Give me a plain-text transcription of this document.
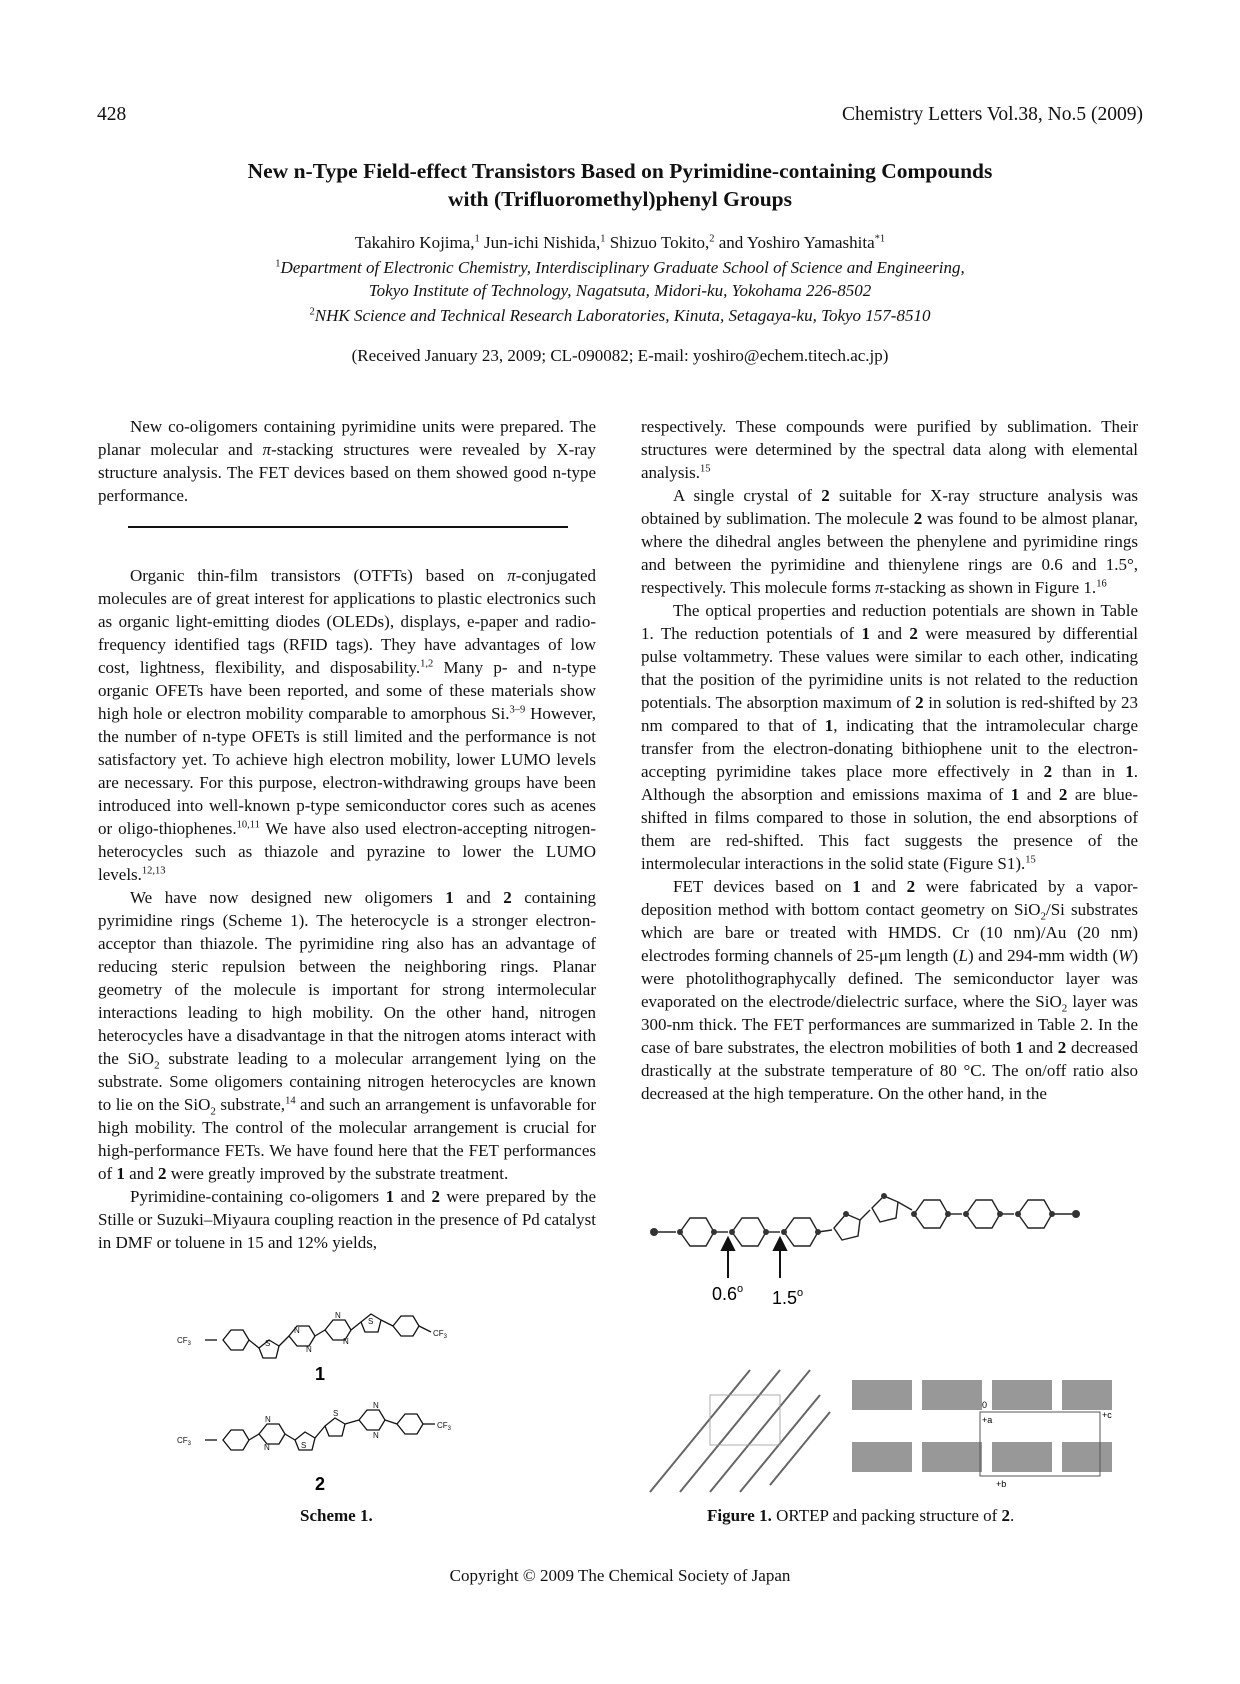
428	Chemistry Letters Vol.38, No.5 (2009)
New n-Type Field-effect Transistors Based on Pyrimidine-containing Compounds
with (Trifluoromethyl)phenyl Groups
Takahiro Kojima,$^1$ Jun-ichi Nishida,$^1$ Shizuo Tokito,$^2$ and Yoshiro Yamashita$^{*1}$
$^1$Department of Electronic Chemistry, Interdisciplinary Graduate School of Science and Engineering,
Tokyo Institute of Technology, Nagatsuta, Midori-ku, Yokohama 226-8502
$^2$NHK Science and Technical Research Laboratories, Kinuta, Setagaya-ku, Tokyo 157-8510
(Received January 23, 2009; CL-090082; E-mail: yoshiro@echem.titech.ac.jp)

New co-oligomers containing pyrimidine units were prepared. The planar molecular and π-stacking structures were revealed by X-ray structure analysis. The FET devices based on them showed good n-type performance.

Organic thin-film transistors (OTFTs) based on π-conjugated molecules are of great interest for applications to plastic electronics such as organic light-emitting diodes (OLEDs), displays, e-paper and radio-frequency identified tags (RFID tags). They have advantages of low cost, lightness, flexibility, and disposability.$^{1,2}$ Many p- and n-type organic OFETs have been reported, and some of these materials show high hole or electron mobility comparable to amorphous Si.$^{3-9}$ However, the number of n-type OFETs is still limited and the performance is not satisfactory yet. To achieve high electron mobility, lower LUMO levels are necessary. For this purpose, electron-withdrawing groups have been introduced into well-known p-type semiconductor cores such as acenes or oligo-thiophenes.$^{10,11}$ We have also used electron-accepting nitrogen-heterocycles such as thiazole and pyrazine to lower the LUMO levels.$^{12,13}$

We have now designed new oligomers 1 and 2 containing pyrimidine rings (Scheme 1). The heterocycle is a stronger electron-acceptor than thiazole. The pyrimidine ring also has an advantage of reducing steric repulsion between the neighboring rings. Planar geometry of the molecule is important for strong intermolecular interactions leading to high mobility. On the other hand, nitrogen heterocycles have a disadvantage in that the nitrogen atoms interact with the SiO$_2$ substrate leading to a molecular arrangement lying on the substrate. Some oligomers containing nitrogen heterocycles are known to lie on the SiO$_2$ substrate,$^{14}$ and such an arrangement is unfavorable for high mobility. The control of the molecular arrangement is crucial for high-performance FETs. We have found here that the FET performances of 1 and 2 were greatly improved by the substrate treatment.

Pyrimidine-containing co-oligomers 1 and 2 were prepared by the Stille or Suzuki–Miyaura coupling reaction in the presence of Pd catalyst in DMF or toluene in 15 and 12% yields,

respectively. These compounds were purified by sublimation. Their structures were determined by the spectral data along with elemental analysis.$^{15}$

A single crystal of 2 suitable for X-ray structure analysis was obtained by sublimation. The molecule 2 was found to be almost planar, where the dihedral angles between the phenylene and pyrimidine rings and between the pyrimidine and thienylene rings are 0.6 and 1.5°, respectively. This molecule forms π-stacking as shown in Figure 1.16

The optical properties and reduction potentials are shown in Table 1. The reduction potentials of 1 and 2 were measured by differential pulse voltammetry. These values were similar to each other, indicating that the position of the pyrimidine units is not related to the reduction potentials. The absorption maximum of 2 in solution is red-shifted by 23 nm compared to that of 1, indicating that the intramolecular charge transfer from the electron-donating bithiophene unit to the electron-accepting pyrimidine takes place more effectively in 2 than in 1. Although the absorption and emissions maxima of 1 and 2 are blue-shifted in films compared to those in solution, the end absorptions of them are red-shifted. This fact suggests the presence of the intermolecular interactions in the solid state (Figure S1).$^{15}$

FET devices based on 1 and 2 were fabricated by a vapor-deposition method with bottom contact geometry on SiO$_2$/Si substrates which are bare or treated with HMDS. Cr (10 nm)/Au (20 nm) electrodes forming channels of 25-μm length (L) and 294-mm width (W) were photolithographycally defined. The semiconductor layer was evaporated on the electrode/dielectric surface, where the SiO$_2$ layer was 300-nm thick. The FET performances are summarized in Table 2. In the case of bare substrates, the electron mobilities of both 1 and 2 decreased drastically at the substrate temperature of 80 °C. The on/off ratio also decreased at the high temperature. On the other hand, in the

$CF_3$
$CF_3$
$CF_3$
$CF_3$
S
S
N
N
N
N
S
S
N
N
N
N
1
2
Scheme 1.
0.6$^o$ 1.5$^o$
0
+a	+c
+b
Figure 1. ORTEP and packing structure of 2.
Copyright © 2009 The Chemical Society of Japan
